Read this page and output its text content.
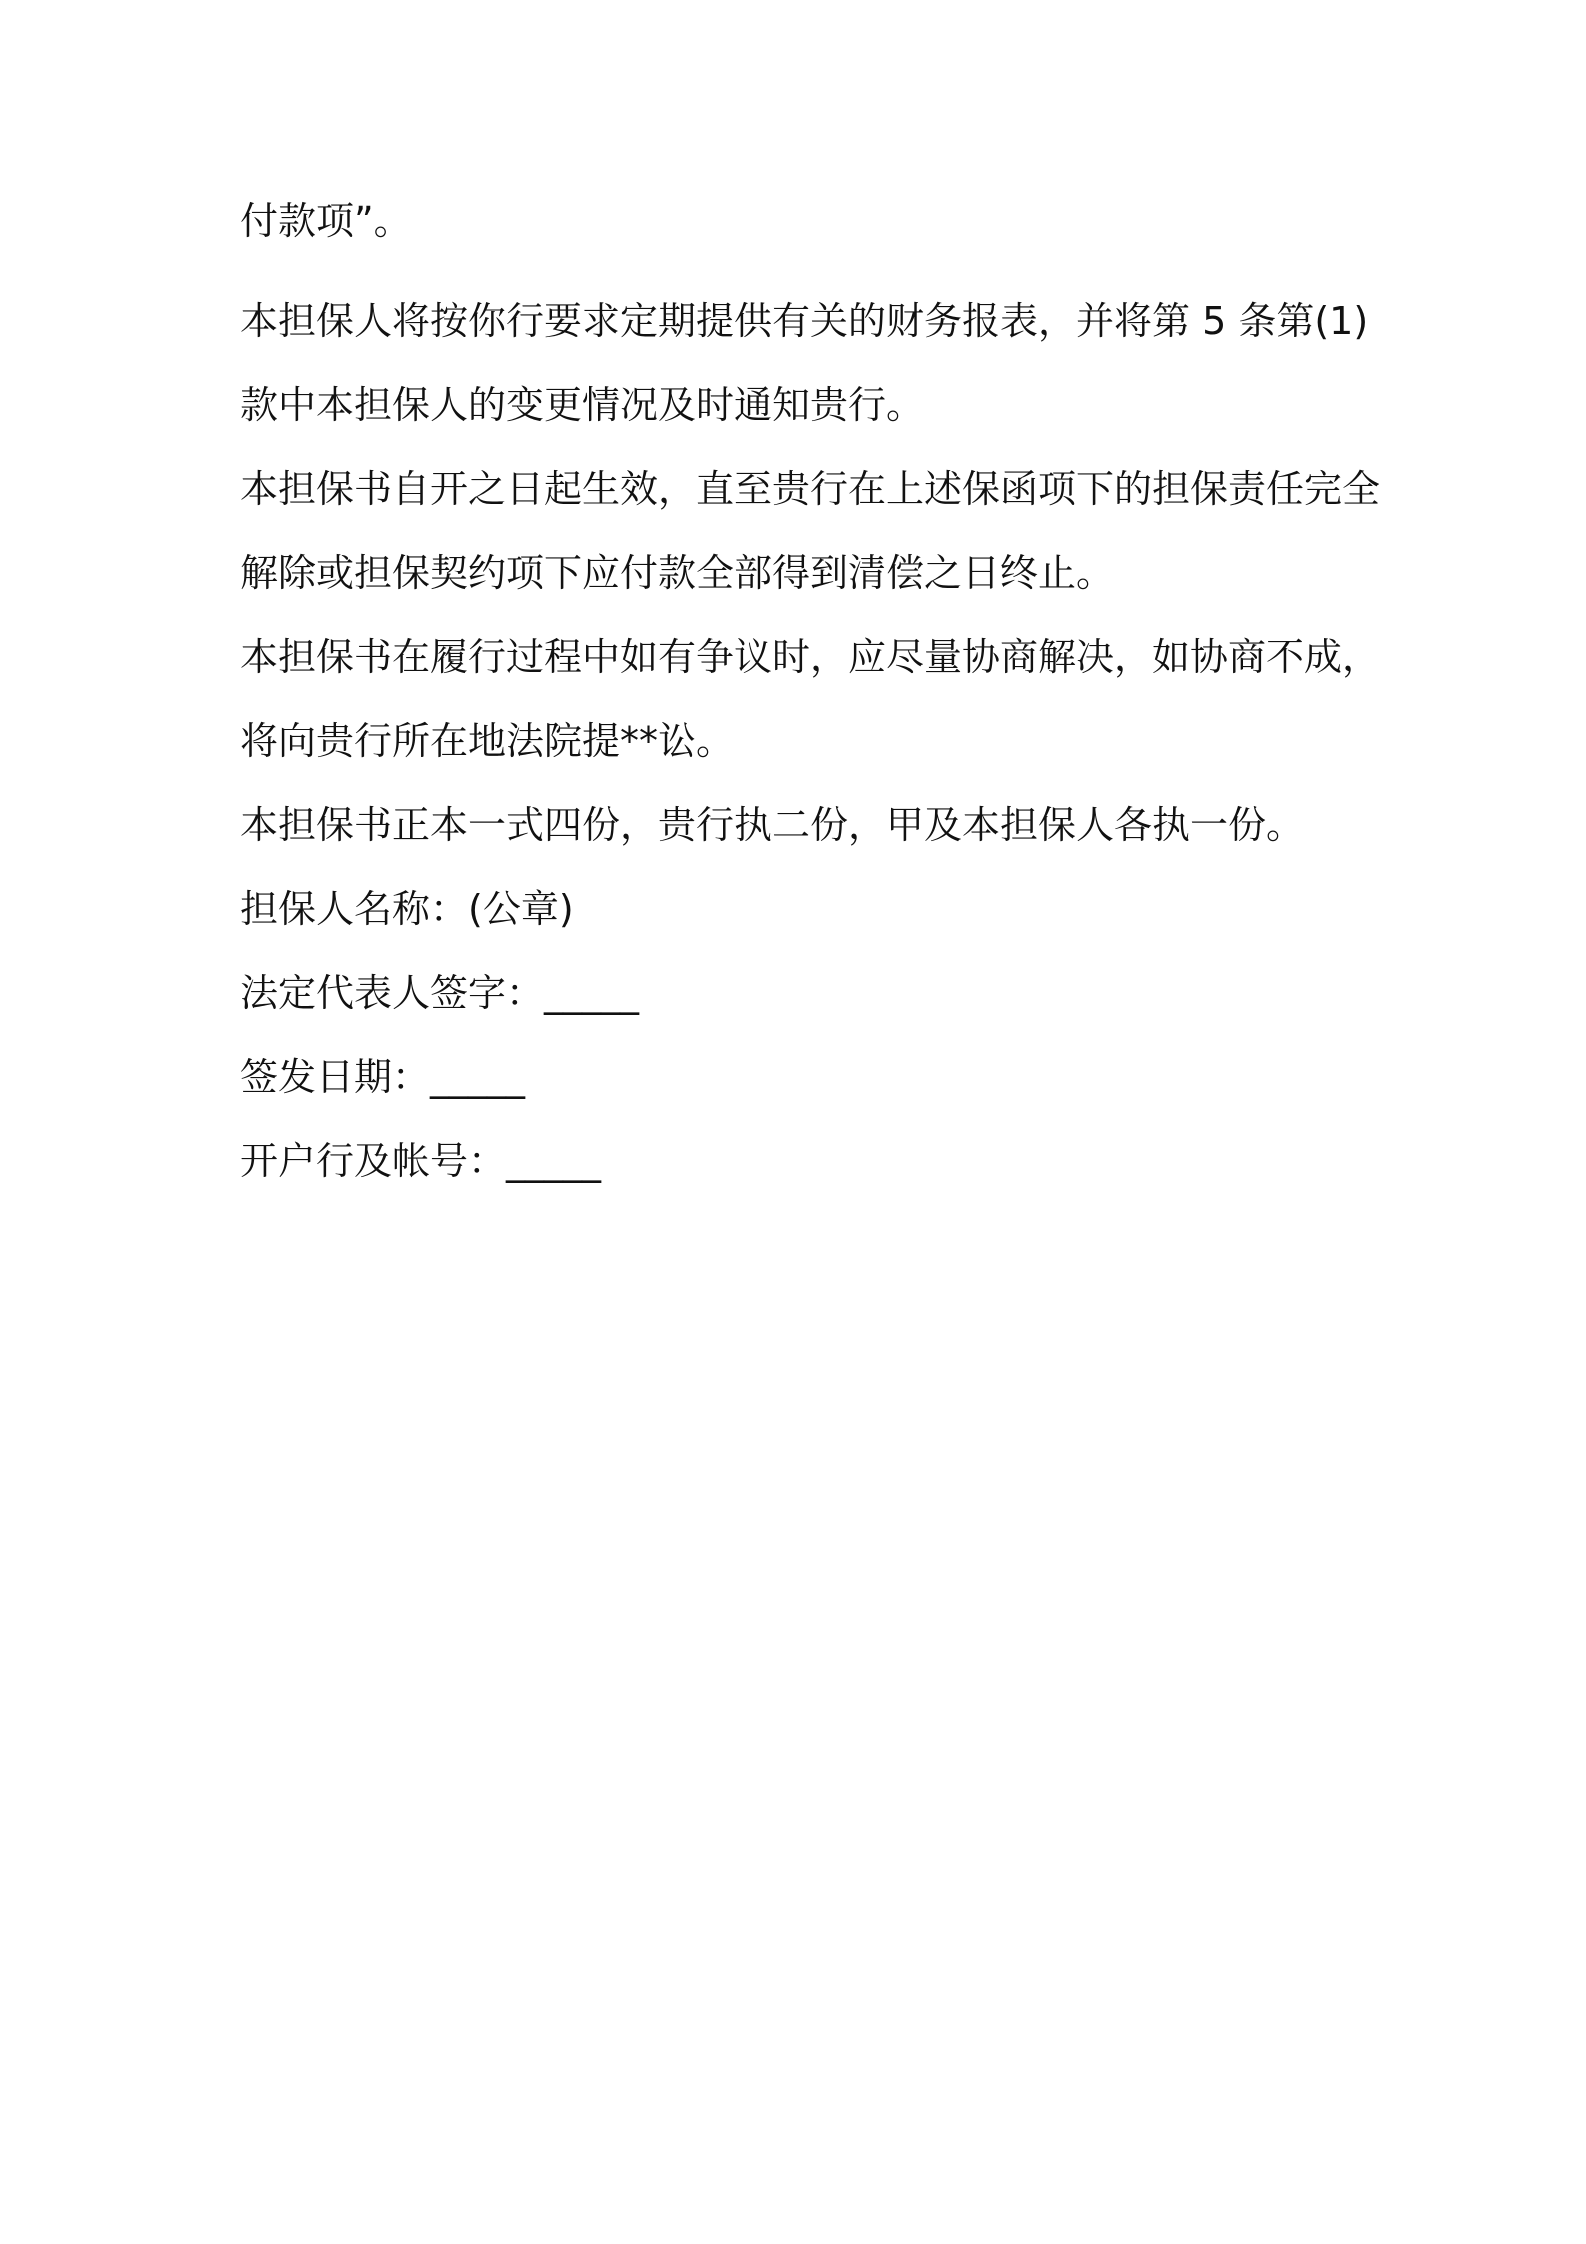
付款项”。
本担保人将按你行要求定期提供有关的财务报表，并将第 5 条第(1)
款中本担保人的变更情况及时通知贵行。
本担保书自开之日起生效，直至贵行在上述保函项下的担保责任完全
解除或担保契约项下应付款全部得到清偿之日终止。
本担保书在履行过程中如有争议时，应尽量协商解决，如协商不成，
将向贵行所在地法院提**讼。
本担保书正本一式四份，贵行执二份，甲及本担保人各执一份。
担保人名称：(公章)
法定代表人签字：_____
签发日期：_____
开户行及帐号：_____
